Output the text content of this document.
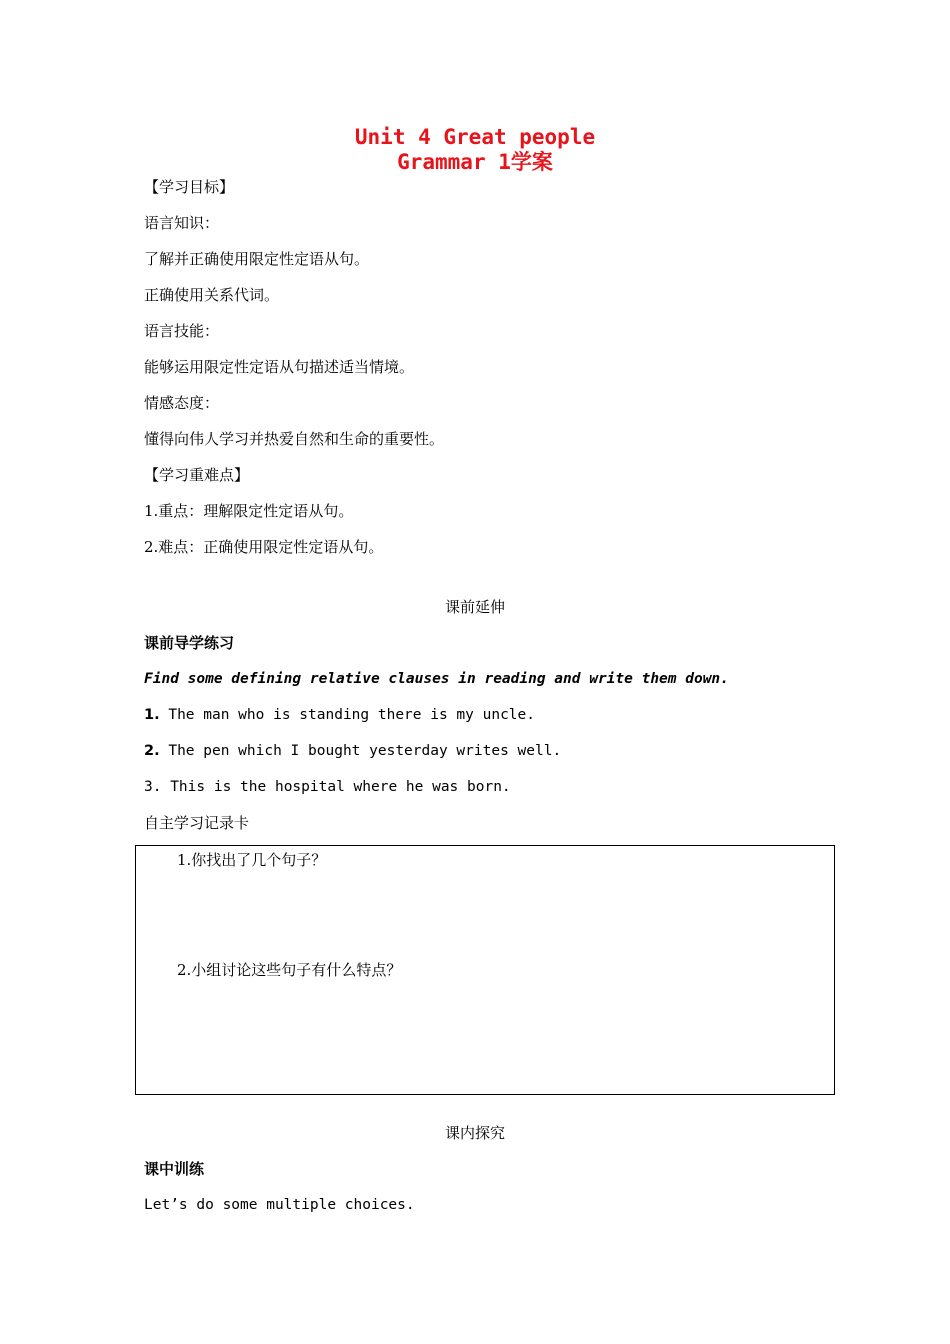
Unit 4 Great people
Grammar 1学案
【学习目标】
语言知识：
了解并正确使用限定性定语从句。
正确使用关系代词。
语言技能：
能够运用限定性定语从句描述适当情境。
情感态度：
懂得向伟人学习并热爱自然和生命的重要性。
【学习重难点】
1.重点：理解限定性定语从句。
2.难点：正确使用限定性定语从句。
课前延伸
课前导学练习
Find some defining relative clauses in reading and write them down.
1. The man who is standing there is my uncle.
2. The pen which I bought yesterday writes well.
3. This is the hospital where he was born.
自主学习记录卡
1.你找出了几个句子？
2.小组讨论这些句子有什么特点？
课内探究
课中训练
Let’s do some multiple choices.
